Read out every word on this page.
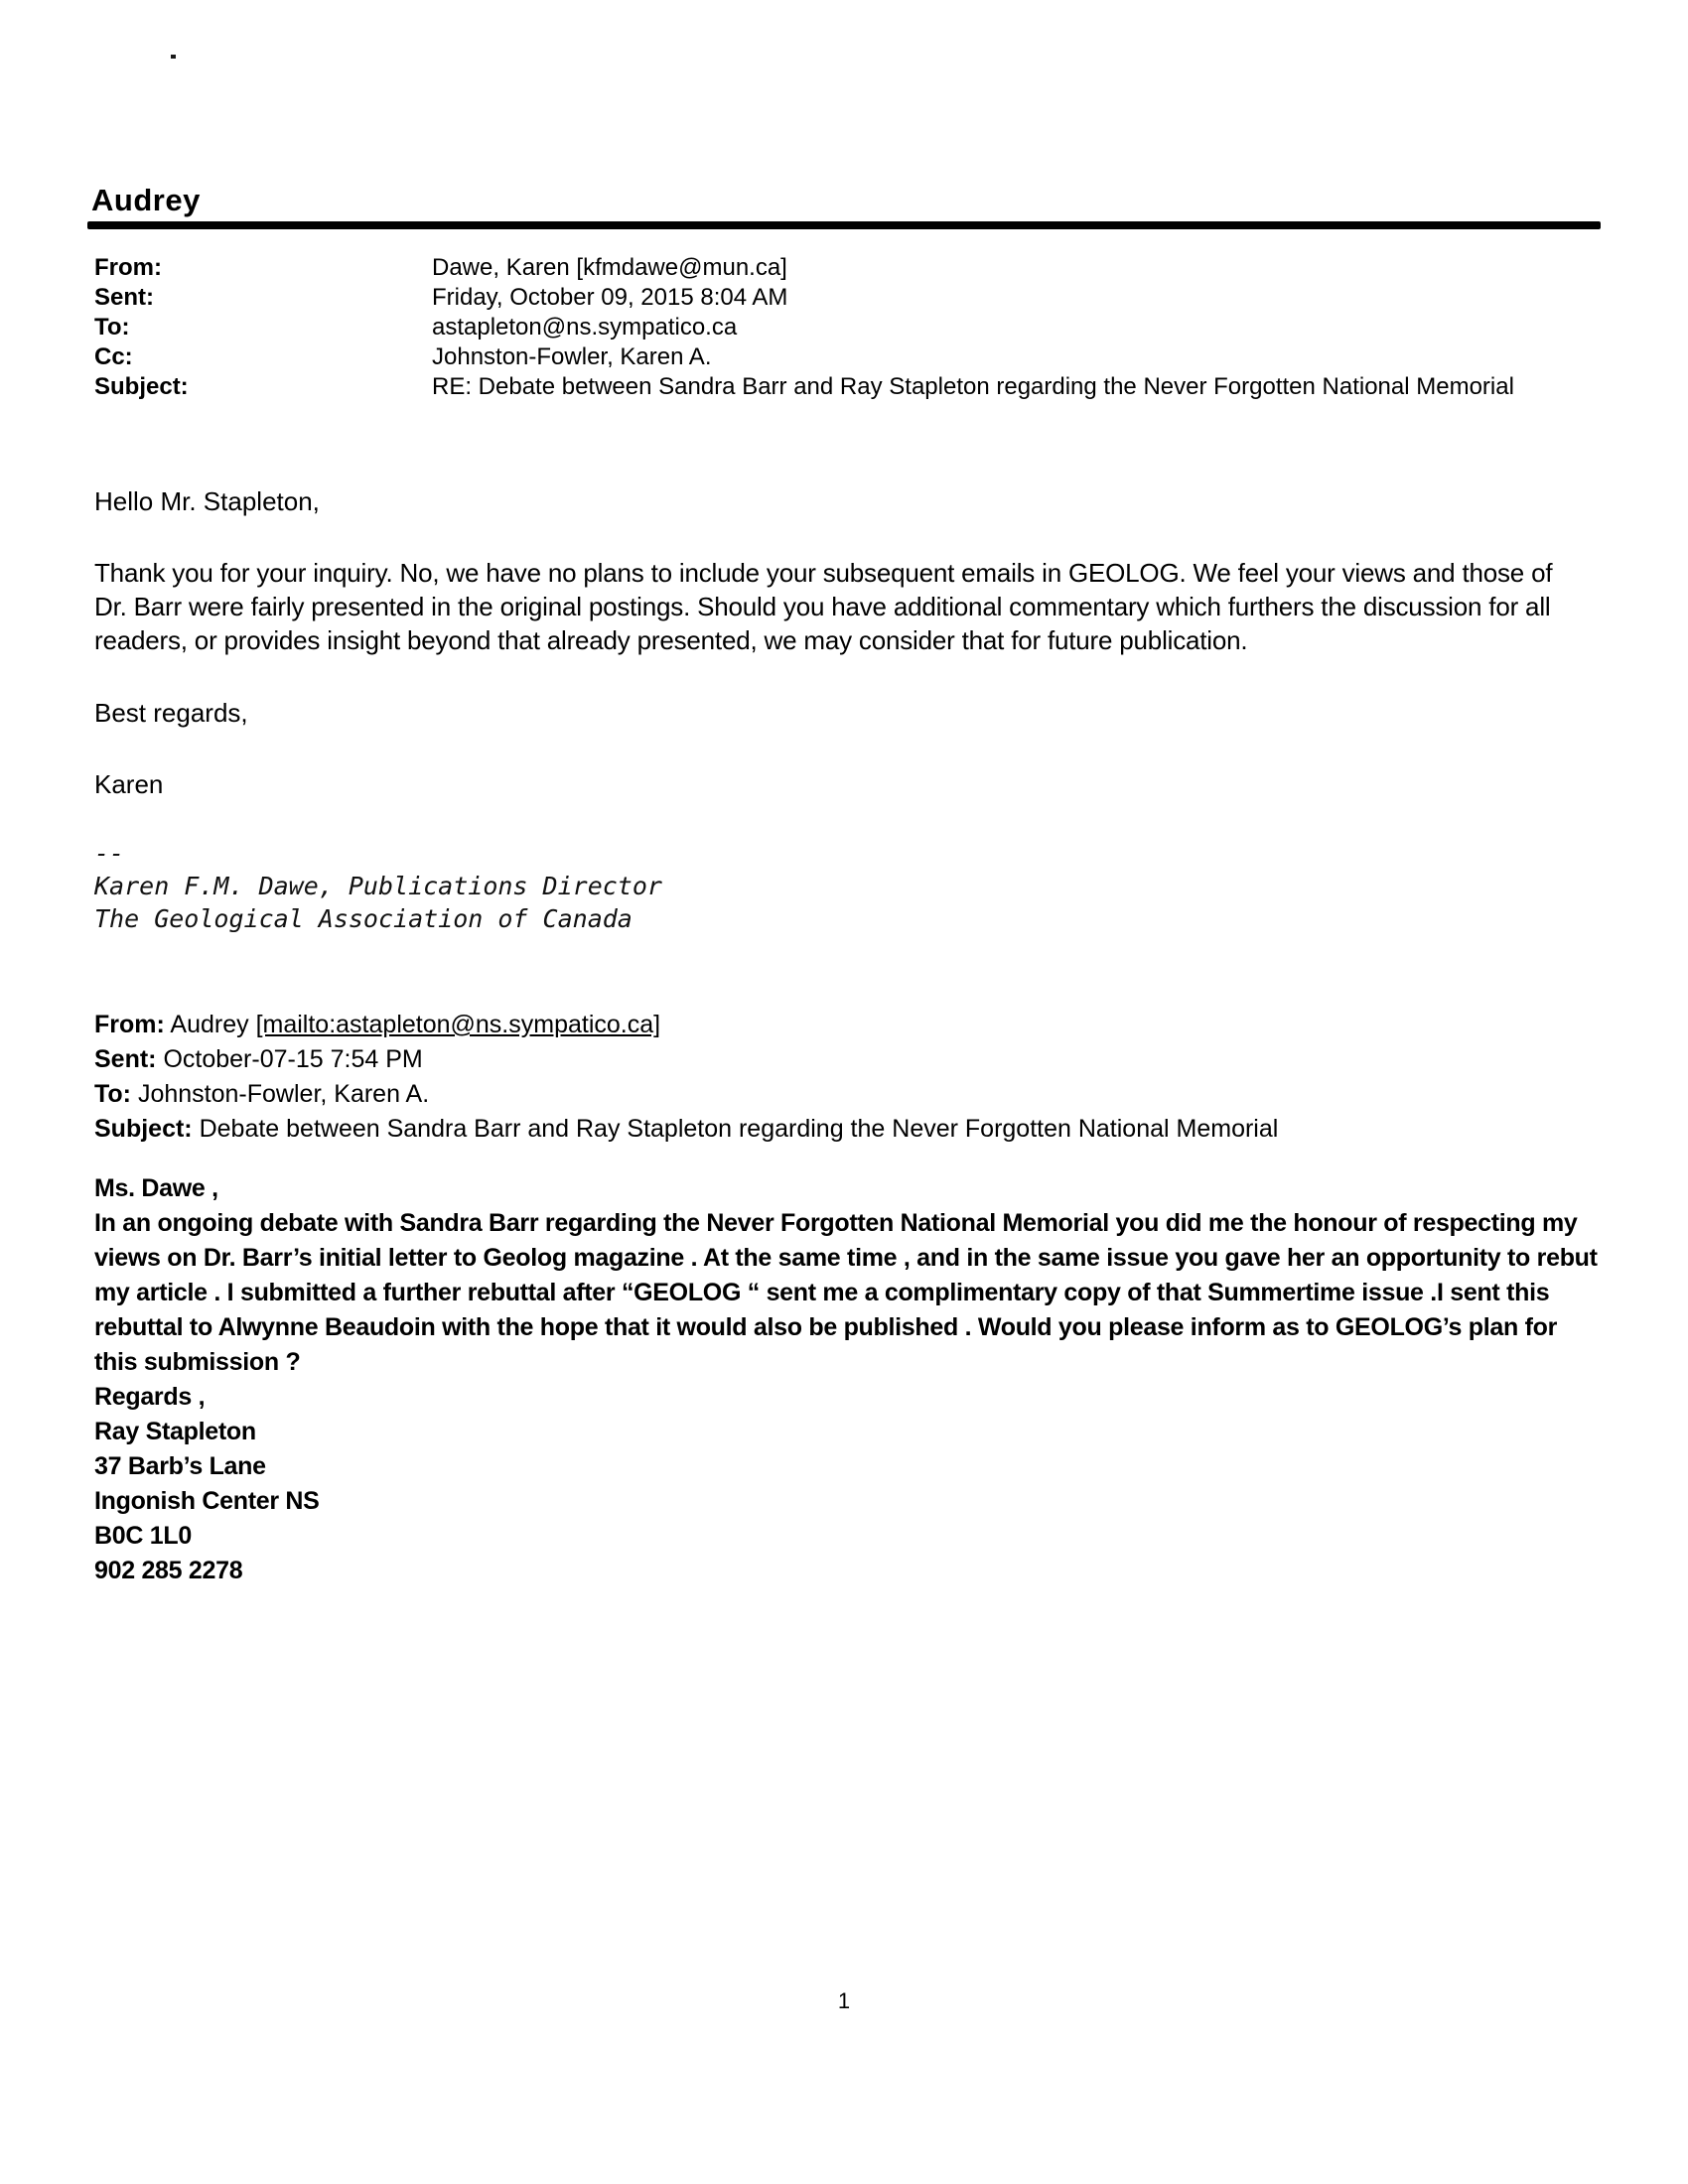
Audrey
From:	Dawe, Karen [kfmdawe@mun.ca]
Sent:	Friday, October 09, 2015 8:04 AM
To:	astapleton@ns.sympatico.ca
Cc:	Johnston-Fowler, Karen A.
Subject:	RE: Debate between Sandra Barr and Ray Stapleton regarding the Never Forgotten National Memorial
Hello Mr. Stapleton,
Thank you for your inquiry. No, we have no plans to include your subsequent emails in GEOLOG. We feel your views and those of Dr. Barr were fairly presented in the original postings. Should you have additional commentary which furthers the discussion for all readers, or provides insight beyond that already presented, we may consider that for future publication.
Best regards,
Karen
--
Karen F.M. Dawe, Publications Director
The Geological Association of Canada
From: Audrey [mailto:astapleton@ns.sympatico.ca]
Sent: October-07-15 7:54 PM
To: Johnston-Fowler, Karen A.
Subject: Debate between Sandra Barr and Ray Stapleton regarding the Never Forgotten National Memorial
Ms. Dawe ,
In an ongoing debate with Sandra Barr regarding the Never Forgotten National Memorial you did me the honour of respecting my views on Dr. Barr’s initial letter to Geolog magazine . At the same time , and in the same issue you gave her an opportunity to rebut my article . I submitted a further rebuttal after “GEOLOG “ sent me a complimentary copy of that Summertime issue .I sent this rebuttal to Alwynne Beaudoin with the hope that it would also be published . Would you please inform as to GEOLOG’s plan for this submission ?
Regards ,
Ray Stapleton
37 Barb’s Lane
Ingonish Center NS
B0C 1L0
902 285 2278
1
